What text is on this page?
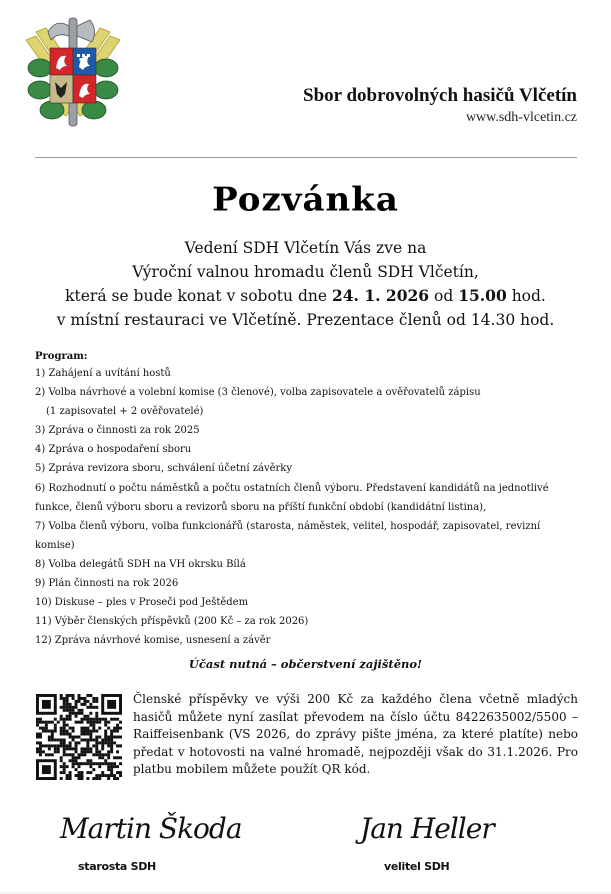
Sbor dobrovolných hasičů Vlčetín
www.sdh-vlcetin.cz
Pozvánka
Vedení SDH Vlčetín Vás zve na
Výroční valnou hromadu členů SDH Vlčetín,
která se bude konat v sobotu dne 24. 1. 2026 od 15.00 hod.
v místní restauraci ve Vlčetíně. Prezentace členů od 14.30 hod.
Program:
1) Zahájení a uvítání hostů
2) Volba návrhové a volební komise (3 členové), volba zapisovatele a ověřovatelů zápisu
(1 zapisovatel + 2 ověřovatelé)
3) Zpráva o činnosti za rok 2025
4) Zpráva o hospodaření sboru
5) Zpráva revizora sboru, schválení účetní závěrky
6) Rozhodnutí o počtu náměstků a počtu ostatních členů výboru. Představení kandidátů na jednotlivé
funkce, členů výboru sboru a revizorů sboru na příští funkční období (kandidátní listina),
7) Volba členů výboru, volba funkcionářů (starosta, náměstek, velitel, hospodář, zapisovatel, revizní
komise)
8) Volba delegátů SDH na VH okrsku Bílá
9) Plán činnosti na rok 2026
10) Diskuse – ples v Proseči pod Ještědem
11) Výběr členských příspěvků (200 Kč – za rok 2026)
12) Zpráva návrhové komise, usnesení a závěr
Účast nutná – občerstvení zajištěno!
Členské příspěvky ve výši 200 Kč za každého člena včetně mladých hasičů můžete nyní zasílat převodem na číslo účtu 8422635002/5500 – Raiffeisenbank (VS 2026, do zprávy pište jména, za které platíte) nebo předat v hotovosti na valné hromadě, nejpozději však do 31.1.2026. Pro platbu mobilem můžete použít QR kód.
Martin Škoda
starosta SDH
Jan Heller
velitel SDH
